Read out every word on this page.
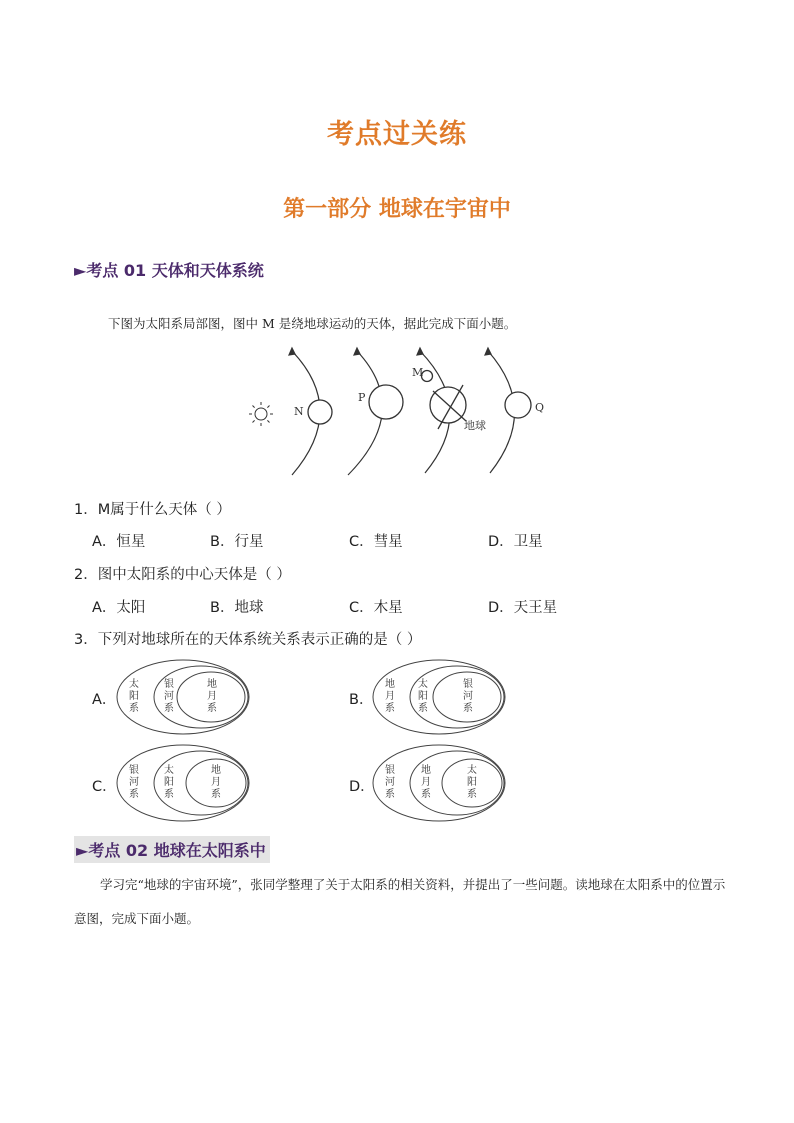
考点过关练
第一部分 地球在宇宙中
►考点 01 天体和天体系统
下图为太阳系局部图，图中 M 是绕地球运动的天体，据此完成下面小题。
N
P
M
地球
Q
1．M属于什么天体（ ）
A．恒星	B．行星	C．彗星	D．卫星
2．图中太阳系的中心天体是（ ）
A．太阳	B．地球	C．木星	D．天王星
3．下列对地球所在的天体系统关系表示正确的是（ ）
A．
太
阳
系
银
河
系
地
月
系
B．
地
月
系
太
阳
系
银
河
系
C．
银
河
系
太
阳
系
地
月
系	D．
银
河
系
地
月
系
太
阳
系
►考点 02 地球在太阳系中
学习完“地球的宇宙环境”，张同学整理了关于太阳系的相关资料，并提出了一些问题。读地球在太阳系中的位置示意图，完成下面小题。
